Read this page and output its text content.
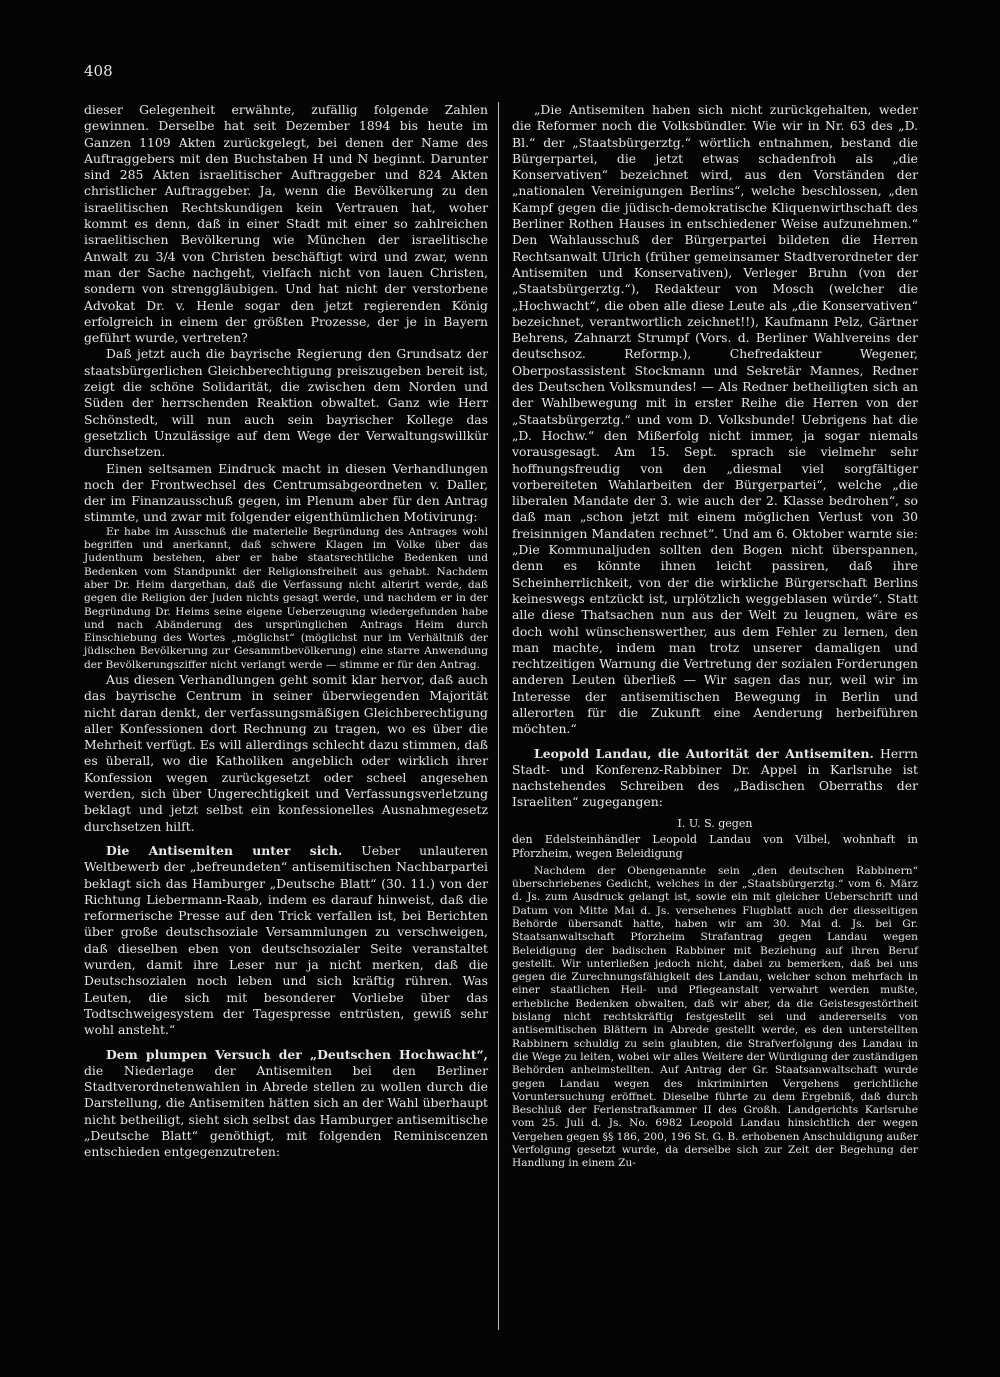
408

dieser Gelegenheit erwähnte, zufällig folgende Zahlen gewinnen. Derselbe hat seit Dezember 1894 bis heute im Ganzen 1109 Akten zurückgelegt, bei denen der Name des Auftraggebers mit den Buchstaben H und N beginnt. Darunter sind 285 Akten israelitischer Auftraggeber und 824 Akten christlicher Auftraggeber. Ja, wenn die Bevölkerung zu den israelitischen Rechtskundigen kein Vertrauen hat, woher kommt es denn, daß in einer Stadt mit einer so zahlreichen israelitischen Bevölkerung wie München der israelitische Anwalt zu 3/4 von Christen beschäftigt wird und zwar, wenn man der Sache nachgeht, vielfach nicht von lauen Christen, sondern von strenggläubigen. Und hat nicht der verstorbene Advokat Dr. v. Henle sogar den jetzt regierenden König erfolgreich in einem der größten Prozesse, der je in Bayern geführt wurde, vertreten?

Daß jetzt auch die bayrische Regierung den Grundsatz der staatsbürgerlichen Gleichberechtigung preiszugeben bereit ist, zeigt die schöne Solidarität, die zwischen dem Norden und Süden der herrschenden Reaktion obwaltet. Ganz wie Herr Schönstedt, will nun auch sein bayrischer Kollege das gesetzlich Unzulässige auf dem Wege der Verwaltungswillkür durchsetzen.

Einen seltsamen Eindruck macht in diesen Verhandlungen noch der Frontwechsel des Centrumsabgeordneten v. Daller, der im Finanzausschuß gegen, im Plenum aber für den Antrag stimmte, und zwar mit folgender eigenthümlichen Motivirung:

Er habe im Ausschuß die materielle Begründung des Antrages wohl begriffen und anerkannt, daß schwere Klagen im Volke über das Judenthum bestehen, aber er habe staatsrechtliche Bedenken und Bedenken vom Standpunkt der Religionsfreiheit aus gehabt. Nachdem aber Dr. Heim dargethan, daß die Verfassung nicht alterirt werde, daß gegen die Religion der Juden nichts gesagt werde, und nachdem er in der Begründung Dr. Heims seine eigene Ueberzeugung wiedergefunden habe und nach Abänderung des ursprünglichen Antrags Heim durch Einschiebung des Wortes „möglichst“ (möglichst nur im Verhältniß der jüdischen Bevölkerung zur Gesammtbevölkerung) eine starre Anwendung der Bevölkerungsziffer nicht verlangt werde — stimme er für den Antrag.

Aus diesen Verhandlungen geht somit klar hervor, daß auch das bayrische Centrum in seiner überwiegenden Majorität nicht daran denkt, der verfassungsmäßigen Gleichberechtigung aller Konfessionen dort Rechnung zu tragen, wo es über die Mehrheit verfügt. Es will allerdings schlecht dazu stimmen, daß es überall, wo die Katholiken angeblich oder wirklich ihrer Konfession wegen zurückgesetzt oder scheel angesehen werden, sich über Ungerechtigkeit und Verfassungsverletzung beklagt und jetzt selbst ein konfessionelles Ausnahmegesetz durchsetzen hilft.

Die Antisemiten unter sich. Ueber unlauteren Weltbewerb der „befreundeten“ antisemitischen Nachbarpartei beklagt sich das Hamburger „Deutsche Blatt“ (30. 11.) von der Richtung Liebermann-Raab, indem es darauf hinweist, daß die reformerische Presse auf den Trick verfallen ist, bei Berichten über große deutschsoziale Versammlungen zu verschweigen, daß dieselben eben von deutschsozialer Seite veranstaltet wurden, damit ihre Leser nur ja nicht merken, daß die Deutschsozialen noch leben und sich kräftig rühren. Was Leuten, die sich mit besonderer Vorliebe über das Todtschweigesystem der Tagespresse entrüsten, gewiß sehr wohl ansteht.“

Dem plumpen Versuch der „Deutschen Hochwacht“, die Niederlage der Antisemiten bei den Berliner Stadtverordnetenwahlen in Abrede stellen zu wollen durch die Darstellung, die Antisemiten hätten sich an der Wahl überhaupt nicht betheiligt, sieht sich selbst das Hamburger antisemitische „Deutsche Blatt“ genöthigt, mit folgenden Reminiscenzen entschieden entgegenzutreten:

„Die Antisemiten haben sich nicht zurückgehalten, weder die Reformer noch die Volksbündler. Wie wir in Nr. 63 des „D. Bl.“ der „Staatsbürgerztg.“ wörtlich entnahmen, bestand die Bürgerpartei, die jetzt etwas schadenfroh als „die Konservativen“ bezeichnet wird, aus den Vorständen der „nationalen Vereinigungen Berlins“, welche beschlossen, „den Kampf gegen die jüdisch-demokratische Kliquenwirthschaft des Berliner Rothen Hauses in entschiedener Weise aufzunehmen.“ Den Wahlausschuß der Bürgerpartei bildeten die Herren Rechtsanwalt Ulrich (früher gemeinsamer Stadtverordneter der Antisemiten und Konservativen), Verleger Bruhn (von der „Staatsbürgerztg.“), Redakteur von Mosch (welcher die „Hochwacht“, die oben alle diese Leute als „die Konservativen“ bezeichnet, verantwortlich zeichnet!!), Kaufmann Pelz, Gärtner Behrens, Zahnarzt Strumpf (Vors. d. Berliner Wahlvereins der deutschsoz. Reformp.), Chefredakteur Wegener, Oberpostassistent Stockmann und Sekretär Mannes, Redner des Deutschen Volksmundes! — Als Redner betheiligten sich an der Wahlbewegung mit in erster Reihe die Herren von der „Staatsbürgerztg.“ und vom D. Volksbunde! Uebrigens hat die „D. Hochw.“ den Mißerfolg nicht immer, ja sogar niemals vorausgesagt. Am 15. Sept. sprach sie vielmehr sehr hoffnungsfreudig von den „diesmal viel sorgfältiger vorbereiteten Wahlarbeiten der Bürgerpartei“, welche „die liberalen Mandate der 3. wie auch der 2. Klasse bedrohen“, so daß man „schon jetzt mit einem möglichen Verlust von 30 freisinnigen Mandaten rechnet“. Und am 6. Oktober warnte sie: „Die Kommunaljuden sollten den Bogen nicht überspannen, denn es könnte ihnen leicht passiren, daß ihre Scheinherrlichkeit, von der die wirkliche Bürgerschaft Berlins keineswegs entzückt ist, urplötzlich weggeblasen würde“. Statt alle diese Thatsachen nun aus der Welt zu leugnen, wäre es doch wohl wünschenswerther, aus dem Fehler zu lernen, den man machte, indem man trotz unserer damaligen und rechtzeitigen Warnung die Vertretung der sozialen Forderungen anderen Leuten überließ — Wir sagen das nur, weil wir im Interesse der antisemitischen Bewegung in Berlin und allerorten für die Zukunft eine Aenderung herbeiführen möchten.“

Leopold Landau, die Autorität der Antisemiten. Herrn Stadt- und Konferenz-Rabbiner Dr. Appel in Karlsruhe ist nachstehendes Schreiben des „Badischen Oberraths der Israeliten“ zugegangen:

I. U. S. gegen

den Edelsteinhändler Leopold Landau von Vilbel, wohnhaft in Pforzheim, wegen Beleidigung

Nachdem der Obengenannte sein „den deutschen Rabbinern“ überschriebenes Gedicht, welches in der „Staatsbürgerztg.“ vom 6. März d. Js. zum Ausdruck gelangt ist, sowie ein mit gleicher Ueberschrift und Datum von Mitte Mai d. Js. versehenes Flugblatt auch der diesseitigen Behörde übersandt hatte, haben wir am 30. Mai d. Js. bei Gr. Staatsanwaltschaft Pforzheim Strafantrag gegen Landau wegen Beleidigung der badischen Rabbiner mit Beziehung auf ihren Beruf gestellt. Wir unterließen jedoch nicht, dabei zu bemerken, daß bei uns gegen die Zurechnungsfähigkeit des Landau, welcher schon mehrfach in einer staatlichen Heil- und Pflegeanstalt verwahrt werden mußte, erhebliche Bedenken obwalten, daß wir aber, da die Geistesgestörtheit bislang nicht rechtskräftig festgestellt sei und andererseits von antisemitischen Blättern in Abrede gestellt werde, es den unterstellten Rabbinern schuldig zu sein glaubten, die Strafverfolgung des Landau in die Wege zu leiten, wobei wir alles Weitere der Würdigung der zuständigen Behörden anheimstellten. Auf Antrag der Gr. Staatsanwaltschaft wurde gegen Landau wegen des inkriminirten Vergehens gerichtliche Voruntersuchung eröffnet. Dieselbe führte zu dem Ergebniß, daß durch Beschluß der Ferienstrafkammer II des Großh. Landgerichts Karlsruhe vom 25. Juli d. Js. No. 6982 Leopold Landau hinsichtlich der wegen Vergehen gegen §§ 186, 200, 196 St. G. B. erhobenen Anschuldigung außer Verfolgung gesetzt wurde, da derselbe sich zur Zeit der Begehung der Handlung in einem Zu-
